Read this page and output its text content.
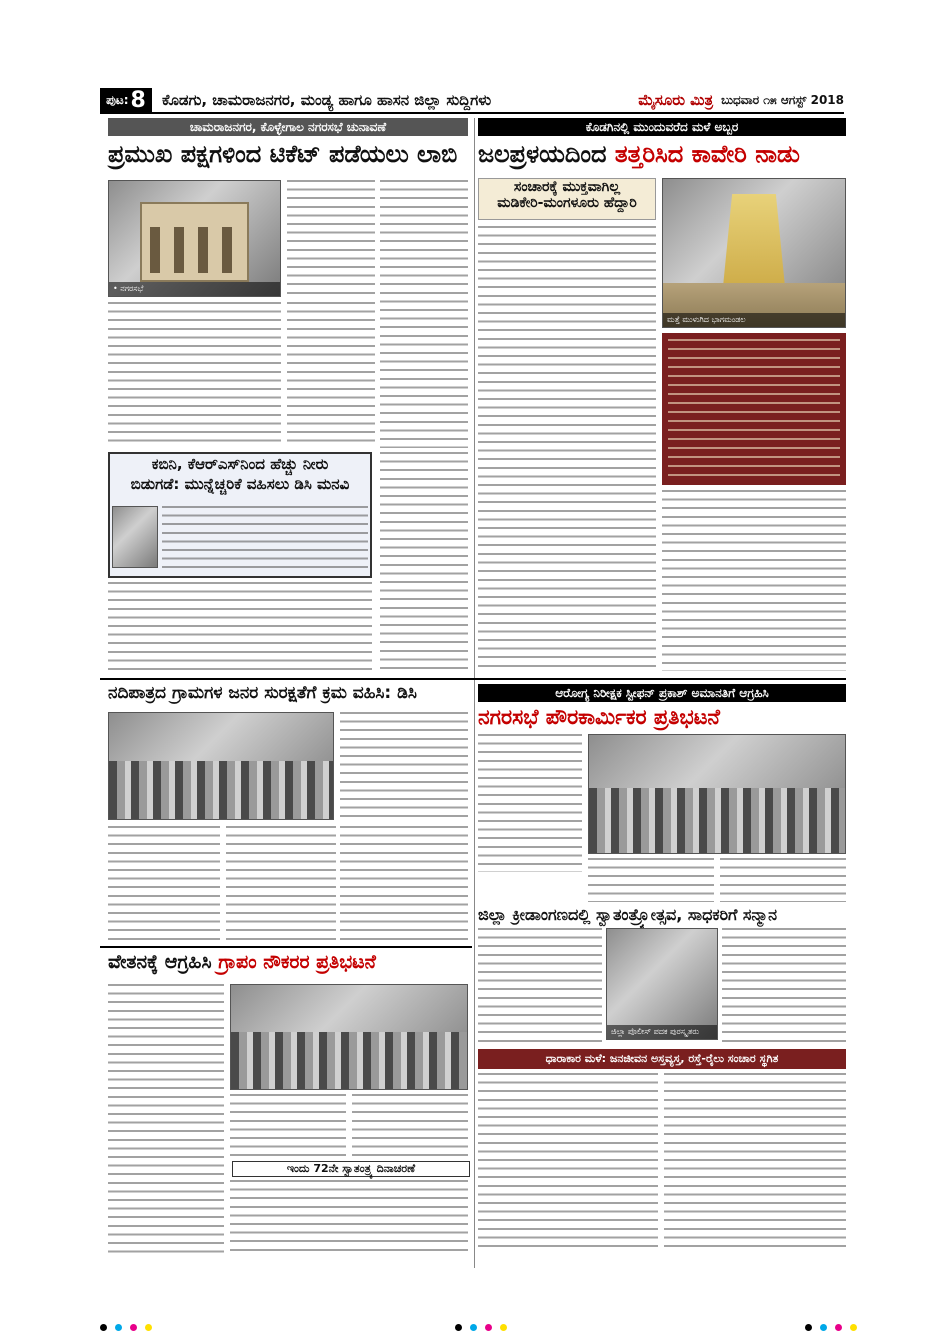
ಪುಟ: 8	ಕೊಡಗು, ಚಾಮರಾಜನಗರ, ಮಂಡ್ಯ ಹಾಗೂ ಹಾಸನ ಜಿಲ್ಲಾ ಸುದ್ದಿಗಳು	ಮೈಸೂರು ಮಿತ್ರ ಬುಧವಾರ ೧೫ ಆಗಸ್ಟ್ 2018
ಚಾಮರಾಜನಗರ, ಕೊಳ್ಳೇಗಾಲ ನಗರಸಭೆ ಚುನಾವಣೆ
ಪ್ರಮುಖ ಪಕ್ಷಗಳಿಂದ ಟಿಕೆಟ್ ಪಡೆಯಲು ಲಾಬಿ
• ನಗರಸಭೆ
ಕೊಡಗಿನಲ್ಲಿ ಮುಂದುವರೆದ ಮಳೆ ಅಬ್ಬರ
ಜಲಪ್ರಳಯದಿಂದ ತತ್ತರಿಸಿದ ಕಾವೇರಿ ನಾಡು
ಸಂಚಾರಕ್ಕೆ ಮುಕ್ತವಾಗಿಲ್ಲ
ಮಡಿಕೇರಿ-ಮಂಗಳೂರು ಹೆದ್ದಾರಿ
ಮತ್ತೆ ಮುಳುಗಿದ ಭಾಗಮಂಡಲ
ಕಬಿನಿ, ಕೆಆರ್‌ಎಸ್‌ನಿಂದ ಹೆಚ್ಚು ನೀರು
ಬಿಡುಗಡೆ: ಮುನ್ನೆಚ್ಚರಿಕೆ ವಹಿಸಲು ಡಿಸಿ ಮನವಿ
ನದಿಪಾತ್ರದ ಗ್ರಾಮಗಳ ಜನರ ಸುರಕ್ಷತೆಗೆ ಕ್ರಮ ವಹಿಸಿ: ಡಿಸಿ	ಆರೋಗ್ಯ ನಿರೀಕ್ಷಕ ಸ್ಟೀಫನ್ ಪ್ರಕಾಶ್ ಅಮಾನತಿಗೆ ಆಗ್ರಹಿಸಿ
ನಗರಸಭೆ ಪೌರಕಾರ್ಮಿಕರ ಪ್ರತಿಭಟನೆ
ಜಿಲ್ಲಾ ಕ್ರೀಡಾಂಗಣದಲ್ಲಿ ಸ್ವಾತಂತ್ರ್ಯೋತ್ಸವ, ಸಾಧಕರಿಗೆ ಸನ್ಮಾನ
ಜಿಲ್ಲಾ ಪೊಲೀಸ್ ಪದಕ ಪುರಸ್ಕೃತರು
ವೇತನಕ್ಕೆ ಆಗ್ರಹಿಸಿ ಗ್ರಾಪಂ ನೌಕರರ ಪ್ರತಿಭಟನೆ
ಇಂದು 72ನೇ ಸ್ವಾತಂತ್ರ್ಯ ದಿನಾಚರಣೆ
ಧಾರಾಕಾರ ಮಳೆ: ಜನಜೀವನ ಅಸ್ತವ್ಯಸ್ತ, ರಸ್ತೆ-ರೈಲು ಸಂಚಾರ ಸ್ಥಗಿತ
